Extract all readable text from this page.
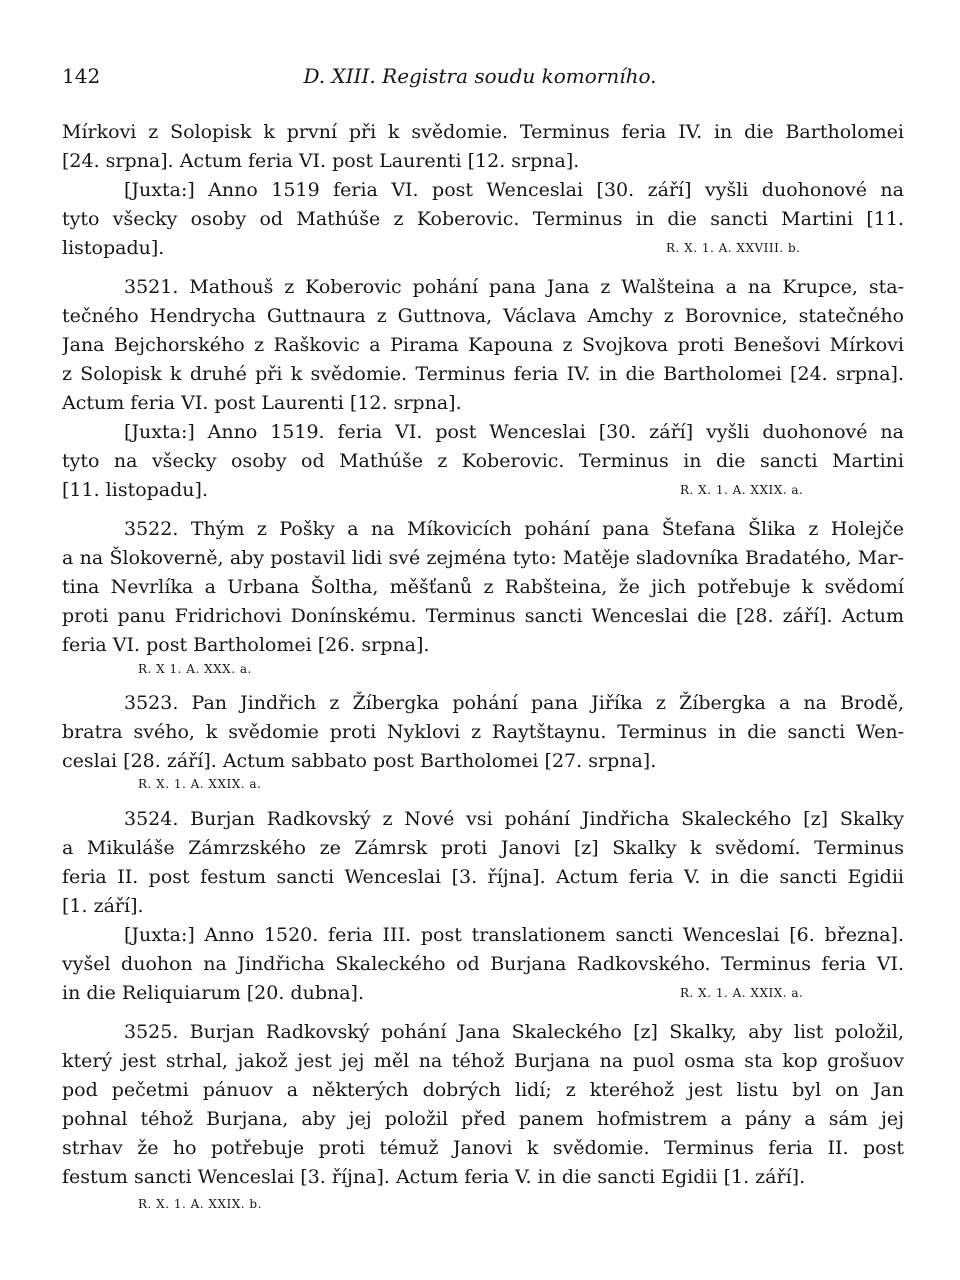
142	D. XIII. Registra soudu komorního.
Mírkovi z Solopisk k první při k svědomie. Terminus feria IV. in die Bartholomei
[24. srpna]. Actum feria VI. post Laurenti [12. srpna].
[Juxta:] Anno 1519 feria VI. post Wenceslai [30. září] vyšli duohonové na
tyto všecky osoby od Mathúše z Koberovic. Terminus in die sancti Martini [11.
listopadu].	R. X. 1. A. XXVIII. b.
3521. Mathouš z Koberovic pohání pana Jana z Walšteina a na Krupce, sta-
tečného Hendrycha Guttnaura z Guttnova, Václava Amchy z Borovnice, statečného
Jana Bejchorského z Raškovic a Pirama Kapouna z Svojkova proti Benešovi Mírkovi
z Solopisk k druhé při k svědomie. Terminus feria IV. in die Bartholomei [24. srpna].
Actum feria VI. post Laurenti [12. srpna].
[Juxta:] Anno 1519. feria VI. post Wenceslai [30. září] vyšli duohonové na
tyto na všecky osoby od Mathúše z Koberovic. Terminus in die sancti Martini
[11. listopadu].	R. X. 1. A. XXIX. a.
3522. Thým z Pošky a na Míkovicích pohání pana Štefana Šlika z Holejče
a na Šlokoverně, aby postavil lidi své zejména tyto: Matěje sladovníka Bradatého, Mar-
tina Nevrlíka a Urbana Šoltha, měšťanů z Rabšteina, že jich potřebuje k svědomí
proti panu Fridrichovi Donínskému. Terminus sancti Wenceslai die [28. září]. Actum
feria VI. post Bartholomei [26. srpna].
R. X 1. A. XXX. a.
3523. Pan Jindřich z Žíbergka pohání pana Jiříka z Žíbergka a na Brodě,
bratra svého, k svědomie proti Nyklovi z Raytštaynu. Terminus in die sancti Wen-
ceslai [28. září]. Actum sabbato post Bartholomei [27. srpna].
R. X. 1. A. XXIX. a.
3524. Burjan Radkovský z Nové vsi pohání Jindřicha Skaleckého [z] Skalky
a Mikuláše Zámrzského ze Zámrsk proti Janovi [z] Skalky k svědomí. Terminus
feria II. post festum sancti Wenceslai [3. října]. Actum feria V. in die sancti Egidii
[1. září].
[Juxta:] Anno 1520. feria III. post translationem sancti Wenceslai [6. března].
vyšel duohon na Jindřicha Skaleckého od Burjana Radkovského. Terminus feria VI.
in die Reliquiarum [20. dubna].	R. X. 1. A. XXIX. a.
3525. Burjan Radkovský pohání Jana Skaleckého [z] Skalky, aby list položil,
který jest strhal, jakož jest jej měl na téhož Burjana na puol osma sta kop grošuov
pod pečetmi pánuov a některých dobrých lidí; z kteréhož jest listu byl on Jan
pohnal téhož Burjana, aby jej položil před panem hofmistrem a pány a sám jej
strhav že ho potřebuje proti témuž Janovi k svědomie. Terminus feria II. post
festum sancti Wenceslai [3. října]. Actum feria V. in die sancti Egidii [1. září].
R. X. 1. A. XXIX. b.
